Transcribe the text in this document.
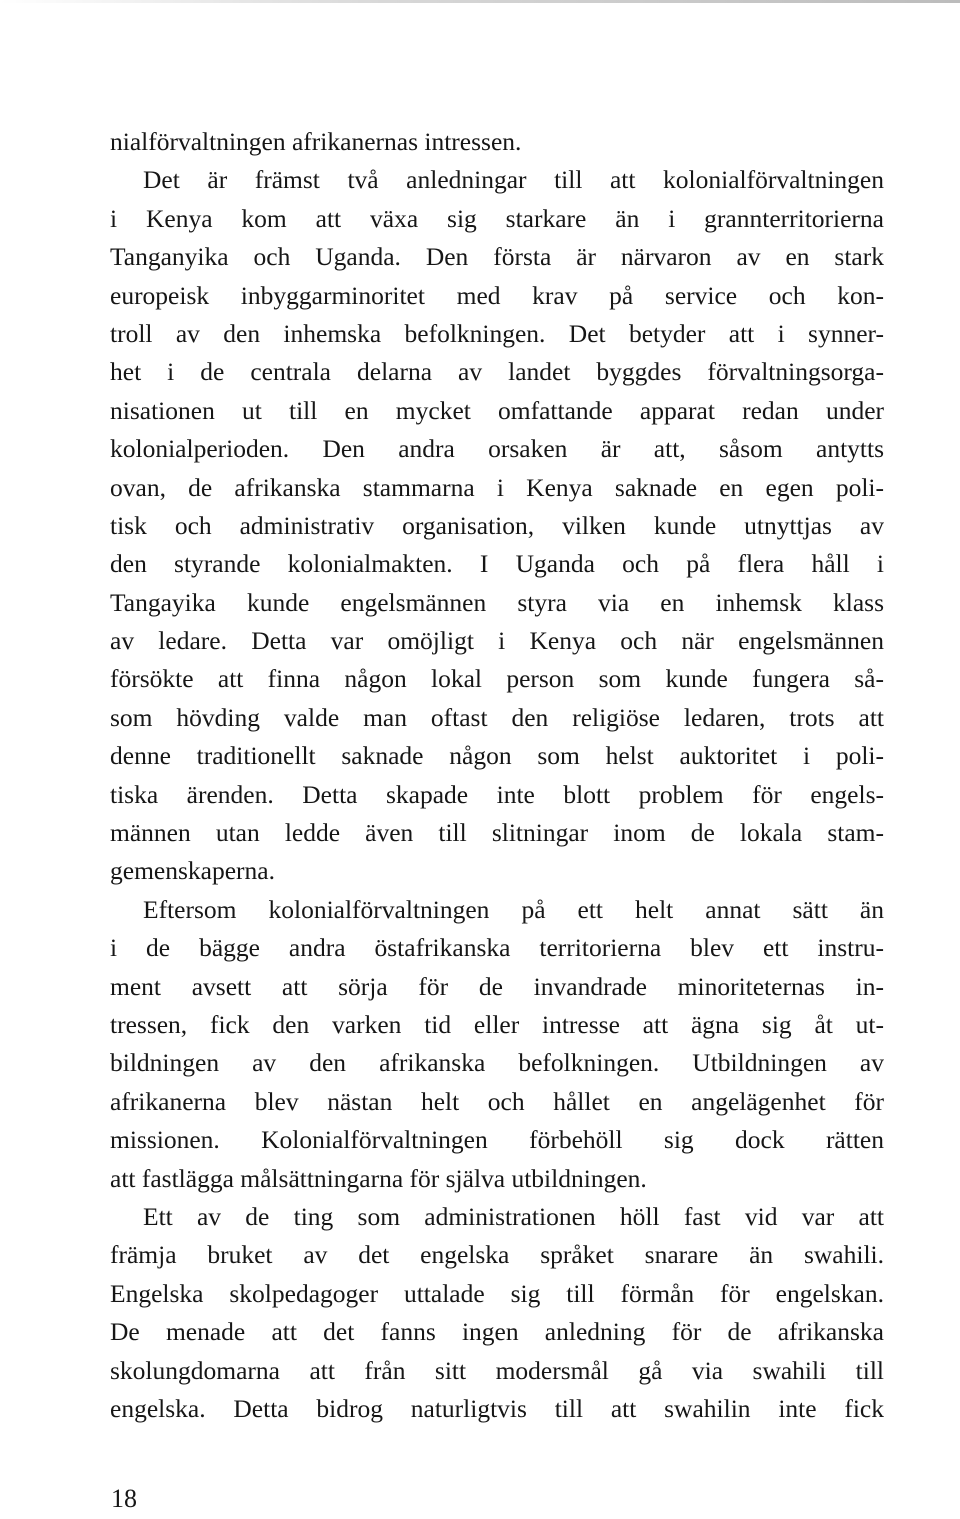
nialförvaltningen afrikanernas intressen.
Det är främst två anledningar till att kolonialförvaltningen
i Kenya kom att växa sig starkare än i grannterritorierna
Tanganyika och Uganda. Den första är närvaron av en stark
europeisk inbyggarminoritet med krav på service och kon-
troll av den inhemska befolkningen. Det betyder att i synner-
het i de centrala delarna av landet byggdes förvaltningsorga-
nisationen ut till en mycket omfattande apparat redan under
kolonialperioden. Den andra orsaken är att, såsom antytts
ovan, de afrikanska stammarna i Kenya saknade en egen poli-
tisk och administrativ organisation, vilken kunde utnyttjas av
den styrande kolonialmakten. I Uganda och på flera håll i
Tangayika kunde engelsmännen styra via en inhemsk klass
av ledare. Detta var omöjligt i Kenya och när engelsmännen
försökte att finna någon lokal person som kunde fungera så-
som hövding valde man oftast den religiöse ledaren, trots att
denne traditionellt saknade någon som helst auktoritet i poli-
tiska ärenden. Detta skapade inte blott problem för engels-
männen utan ledde även till slitningar inom de lokala stam-
gemenskaperna.
Eftersom kolonialförvaltningen på ett helt annat sätt än
i de bägge andra östafrikanska territorierna blev ett instru-
ment avsett att sörja för de invandrade minoriteternas in-
tressen, fick den varken tid eller intresse att ägna sig åt ut-
bildningen av den afrikanska befolkningen. Utbildningen av
afrikanerna blev nästan helt och hållet en angelägenhet för
missionen. Kolonialförvaltningen förbehöll sig dock rätten
att fastlägga målsättningarna för själva utbildningen.
Ett av de ting som administrationen höll fast vid var att
främja bruket av det engelska språket snarare än swahili.
Engelska skolpedagoger uttalade sig till förmån för engelskan.
De menade att det fanns ingen anledning för de afrikanska
skolungdomarna att från sitt modersmål gå via swahili till
engelska. Detta bidrog naturligtvis till att swahilin inte fick
18
